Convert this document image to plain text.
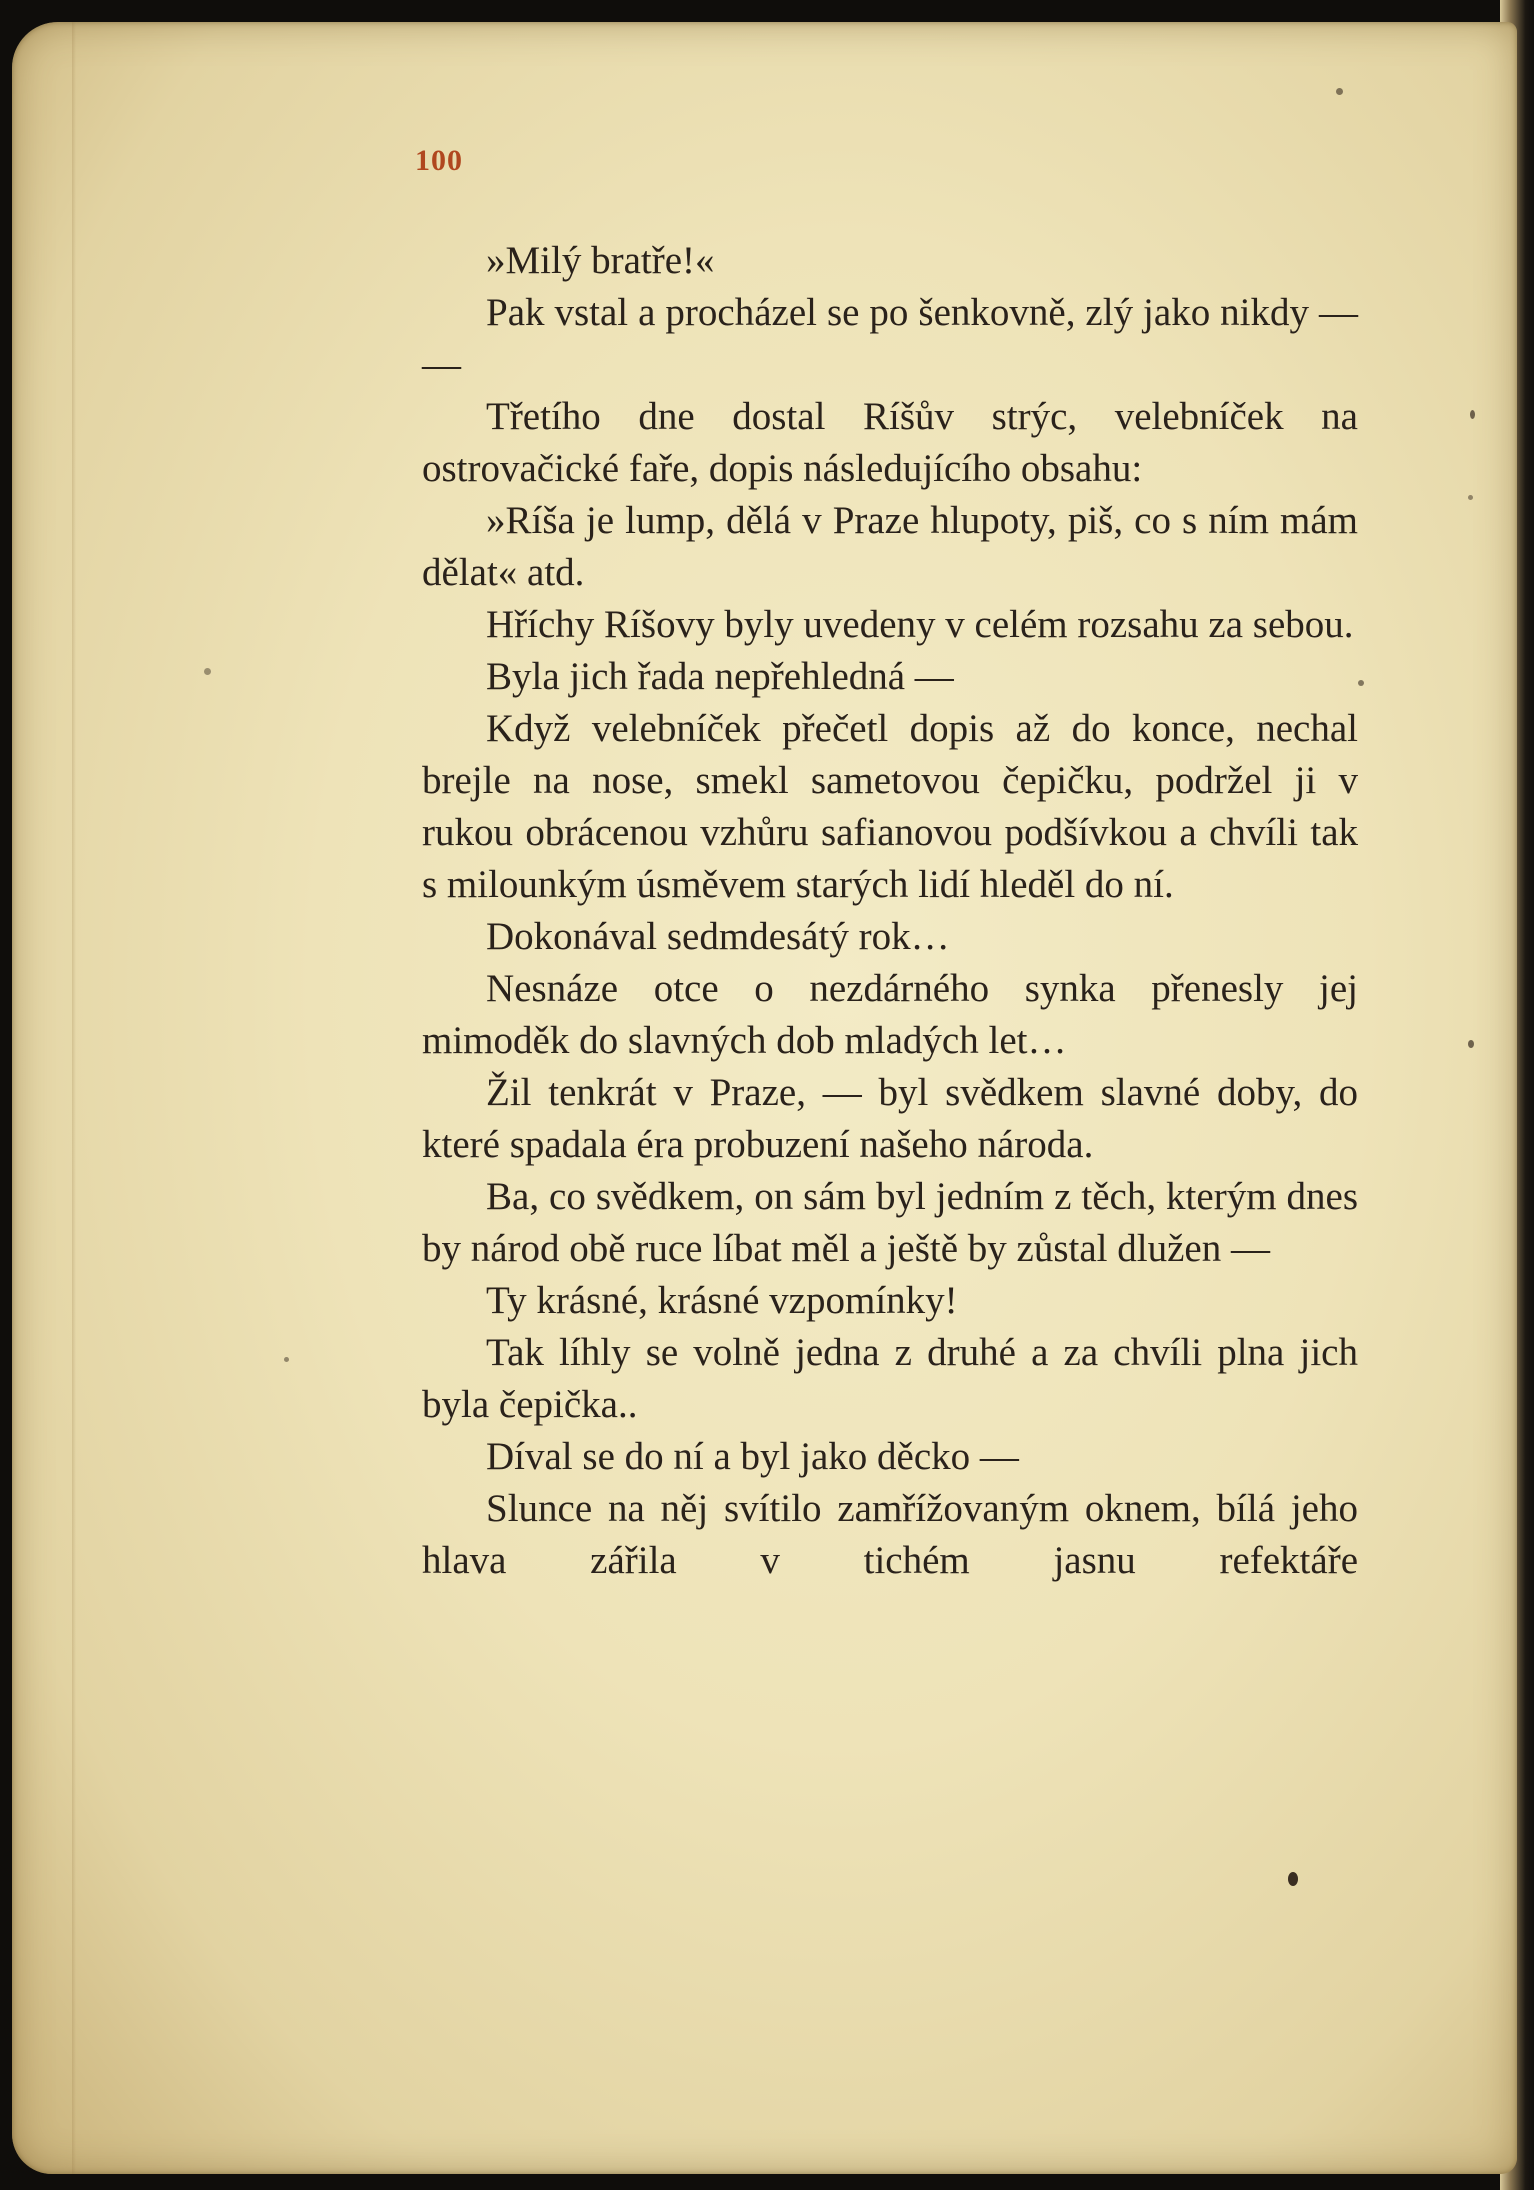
100

»Milý bratře!«

Pak vstal a procházel se po šenkovně, zlý jako nikdy — —

Třetího dne dostal Ríšův strýc, velebníček na ostrovačické faře, dopis následujícího obsahu:

»Ríša je lump, dělá v Praze hlupoty, piš, co s ním mám dělat« atd.

Hříchy Ríšovy byly uvedeny v celém rozsahu za sebou.

Byla jich řada nepřehledná —

Když velebníček přečetl dopis až do konce, nechal brejle na nose, smekl sametovou čepičku, podržel ji v rukou obrácenou vzhůru safianovou podšívkou a chvíli tak s milounkým úsměvem starých lidí hleděl do ní.

Dokonával sedmdesátý rok…

Nesnáze otce o nezdárného synka přenesly jej mimoděk do slavných dob mladých let…

Žil tenkrát v Praze, — byl svědkem slavné doby, do které spadala éra probuzení našeho národa.

Ba, co svědkem, on sám byl jedním z těch, kterým dnes by národ obě ruce líbat měl a ještě by zůstal dlužen —

Ty krásné, krásné vzpomínky!

Tak líhly se volně jedna z druhé a za chvíli plna jich byla čepička..

Díval se do ní a byl jako děcko —

Slunce na něj svítilo zamřížovaným oknem, bílá jeho hlava zářila v tichém jasnu refektáře
